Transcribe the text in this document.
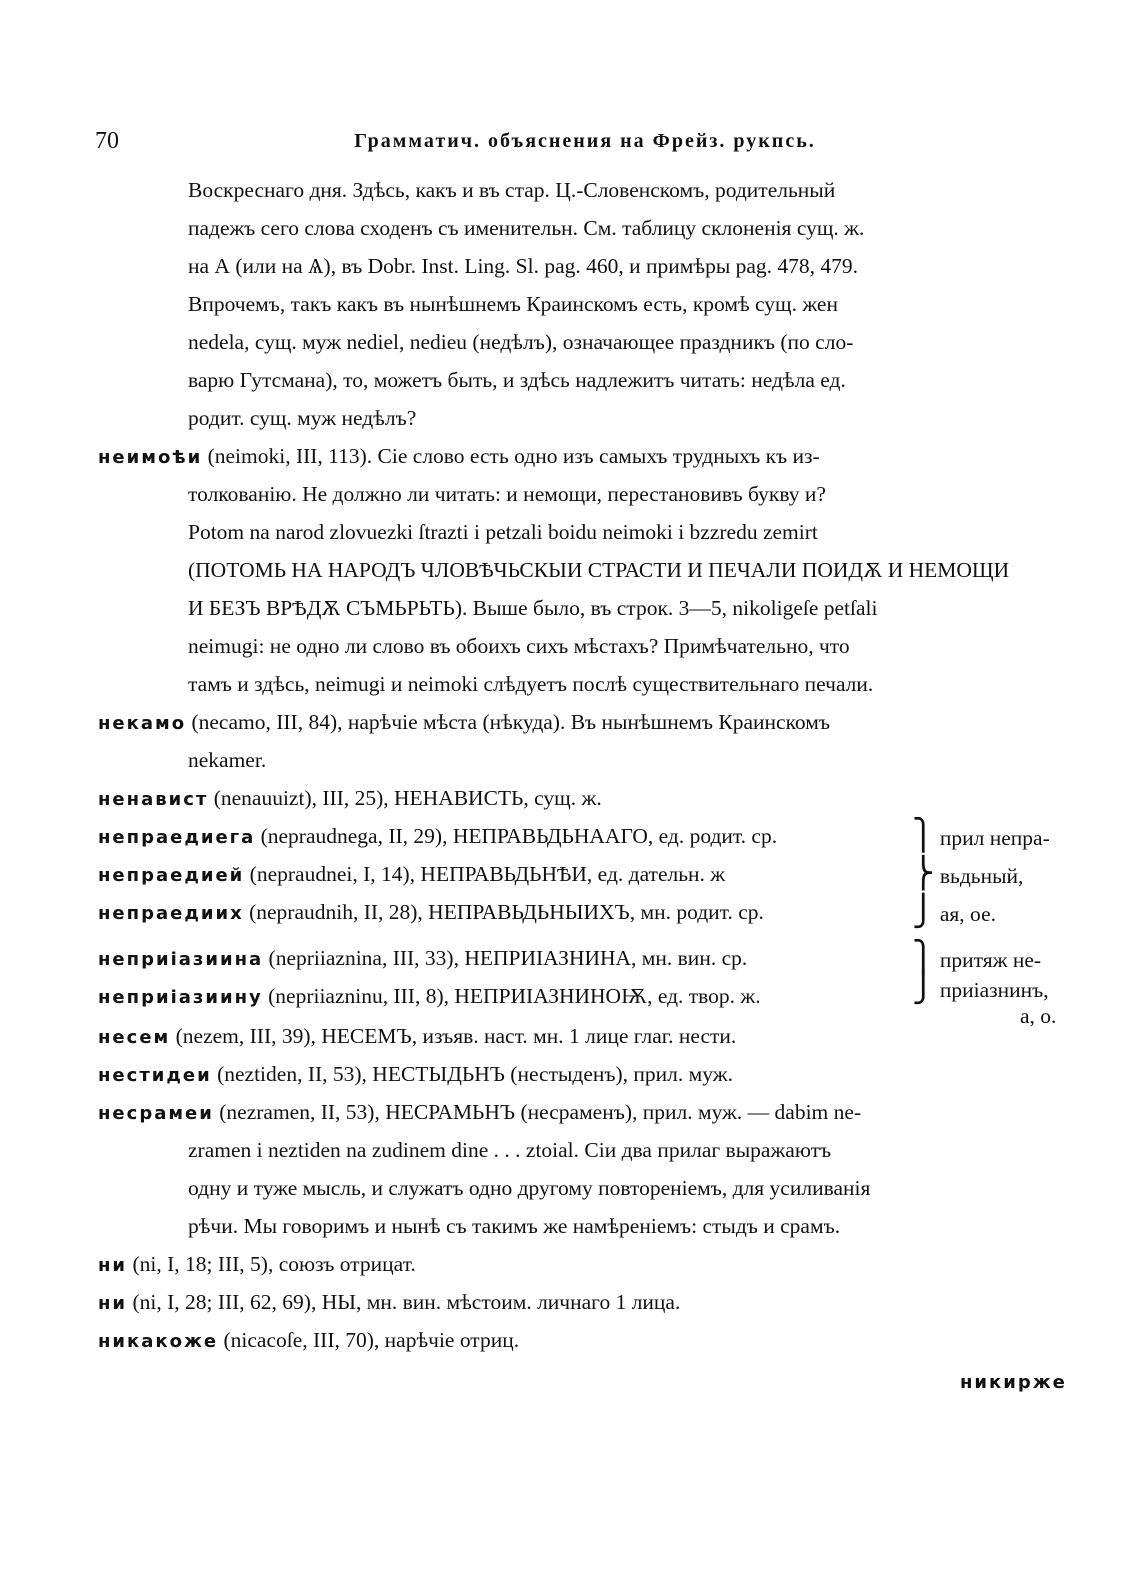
70	Грамматич. объяснения на Фрейз. рукпсь.
Воскреснаго дня. Здѣсь, какъ и въ стар. Ц.-Словенскомъ, родительный
падежъ сего слова сходенъ съ именительн. См. таблицу склоненія сущ. ж.
на А (или на Ѧ), въ Dobr. Inst. Ling. Sl. pag. 460, и примѣры pag. 478, 479.
Впрочемъ, такъ какъ въ нынѣшнемъ Краинскомъ есть, кромѣ сущ. жен
nedela, сущ. муж nediel, nedieu (недѣлъ), означающее праздникъ (по сло-
варю Гутсмана), то, можетъ быть, и здѣсь надлежитъ читать: недѣла ед.
родит. сущ. муж недѣлъ?
неимоѣи (neimoki, III, 113). Сіе слово есть одно изъ самыхъ трудныхъ къ из-
толкованію. Не должно ли читать: и немощи, перестановивъ букву и?
Potom na narod zlovuezki ſtrazti i petzali boidu neimoki i bzzredu zemirt
(ПОТОМЬ НА НАРОДЪ ЧЛОВѢЧЬСКЫИ СТРАСТИ И ПЕЧАЛИ ПОИДѪ И НЕМОЩИ
И БЕЗЪ ВРѢДѪ СЪМЬРЬТЬ). Выше было, въ строк. 3—5, nikoligeſe petſali
neimugi: не одно ли слово въ обоихъ сихъ мѣстахъ? Примѣчательно, что
тамъ и здѣсь, neimugi и neimoki слѣдуетъ послѣ существительнаго печали.
некамо (necamo, III, 84), нарѣчіе мѣста (нѣкуда). Въ нынѣшнемъ Краинскомъ
nekamer.
ненавист (nenauuizt), III, 25), НЕНАВИСТЬ, сущ. ж.
непраедиега (nepraudnega, II, 29), НЕПРАВЬДЬНААГО, ед. родит. ср.
непраедией (nepraudnei, I, 14), НЕПРАВЬДЬНѢИ, ед. дательн. ж
непраедиих (nepraudnih, II, 28), НЕПРАВЬДЬНЫИХЪ, мн. родит. ср.
⎫ прил непра-
⎬ вьдьный,
⎭ ая, ое.
неприіазиина (nepriiaznina, III, 33), НЕПРИІАЗНИНА, мн. вин. ср.
неприіазиину (nepriiazninu, III, 8), НЕПРИІАЗНИНОѬ, ед. твор. ж.
⎫ притяж не-
⎭ приіазнинъ,
а, о.
несем (nezem, III, 39), НЕСЕМЪ, изъяв. наст. мн. 1 лице глаг. нести.
нестидеи (neztiden, II, 53), НЕСТЫДЬНЪ (нестыденъ), прил. муж.
несрамеи (nezramen, II, 53), НЕСРАМЬНЪ (несраменъ), прил. муж. — dabim ne-
zramen i neztiden na zudinem dine . . . ztoial. Сіи два прилаг выражаютъ
одну и туже мысль, и служатъ одно другому повтореніемъ, для усиливанія
рѣчи. Мы говоримъ и нынѣ съ такимъ же намѣреніемъ: стыдъ и срамъ.
ни (ni, I, 18; III, 5), союзъ отрицат.
ни (ni, I, 28; III, 62, 69), НЫ, мн. вин. мѣстоим. личнаго 1 лица.
никакоже (nicacoſe, III, 70), нарѣчіе отриц.
никирже
